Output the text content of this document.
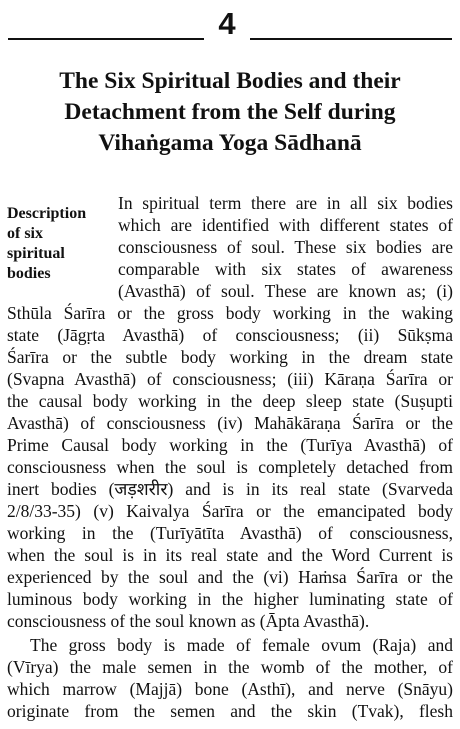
4
The Six Spiritual Bodies and their
Detachment from the Self during
Vihaṅgama Yoga Sādhanā
Description
of six
spiritual
bodies
In spiritual term there are in all six bodies
which are identified with different states of
consciousness of soul. These six bodies are
comparable with six states of awareness
(Avasthā) of soul. These are known as; (i)
Sthūla Śarīra or the gross body working in the waking
state (Jāgṛta Avasthā) of consciousness; (ii) Sūkṣma
Śarīra or the subtle body working in the dream state
(Svapna Avasthā) of consciousness; (iii) Kāraṇa Śarīra or
the causal body working in the deep sleep state (Suṣupti
Avasthā) of consciousness (iv) Mahākāraṇa Śarīra or the
Prime Causal body working in the (Turīya Avasthā) of
consciousness when the soul is completely detached from
inert bodies (जड़शरीर) and is in its real state (Svarveda
2/8/33-35) (v) Kaivalya Śarīra or the emancipated body
working in the (Turīyātīta Avasthā) of consciousness,
when the soul is in its real state and the Word Current is
experienced by the soul and the (vi) Haṁsa Śarīra or the
luminous body working in the higher luminating state of
consciousness of the soul known as (Āpta Avasthā).
The gross body is made of female ovum (Raja) and
(Vīrya) the male semen in the womb of the mother, of
which marrow (Majjā) bone (Asthī), and nerve (Snāyu)
originate from the semen and the skin (Tvak), flesh
